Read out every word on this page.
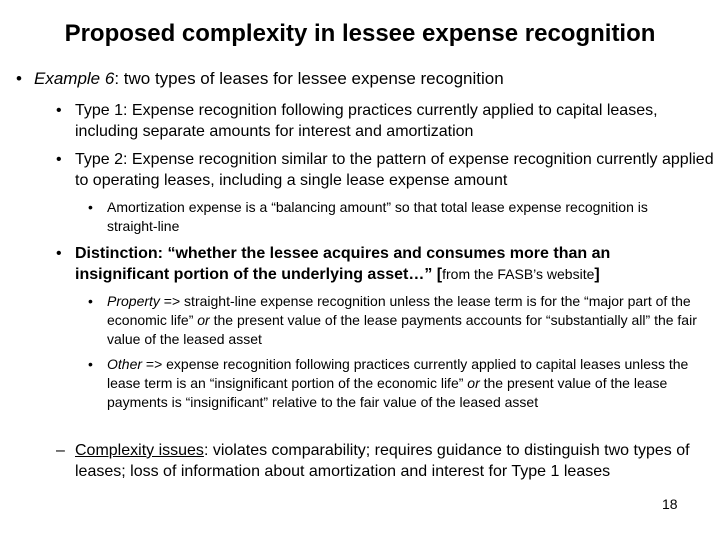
Proposed complexity in lessee expense recognition
• Example 6: two types of leases for lessee expense recognition
• Type 1: Expense recognition following practices currently applied to capital leases, including separate amounts for interest and amortization
• Type 2: Expense recognition similar to the pattern of expense recognition currently applied to operating leases, including a single lease expense amount
• Amortization expense is a “balancing amount” so that total lease expense recognition is straight-line
• Distinction: “whether the lessee acquires and consumes more than an insignificant portion of the underlying asset…” [from the FASB’s website]
• Property => straight-line expense recognition unless the lease term is for the “major part of the economic life” or the present value of the lease payments accounts for “substantially all” the fair value of the leased asset
• Other => expense recognition following practices currently applied to capital leases unless the lease term is an “insignificant portion of the economic life” or the present value of the lease payments is “insignificant” relative to the fair value of the leased asset
– Complexity issues: violates comparability; requires guidance to distinguish two types of leases; loss of information about amortization and interest for Type 1 leases
18
